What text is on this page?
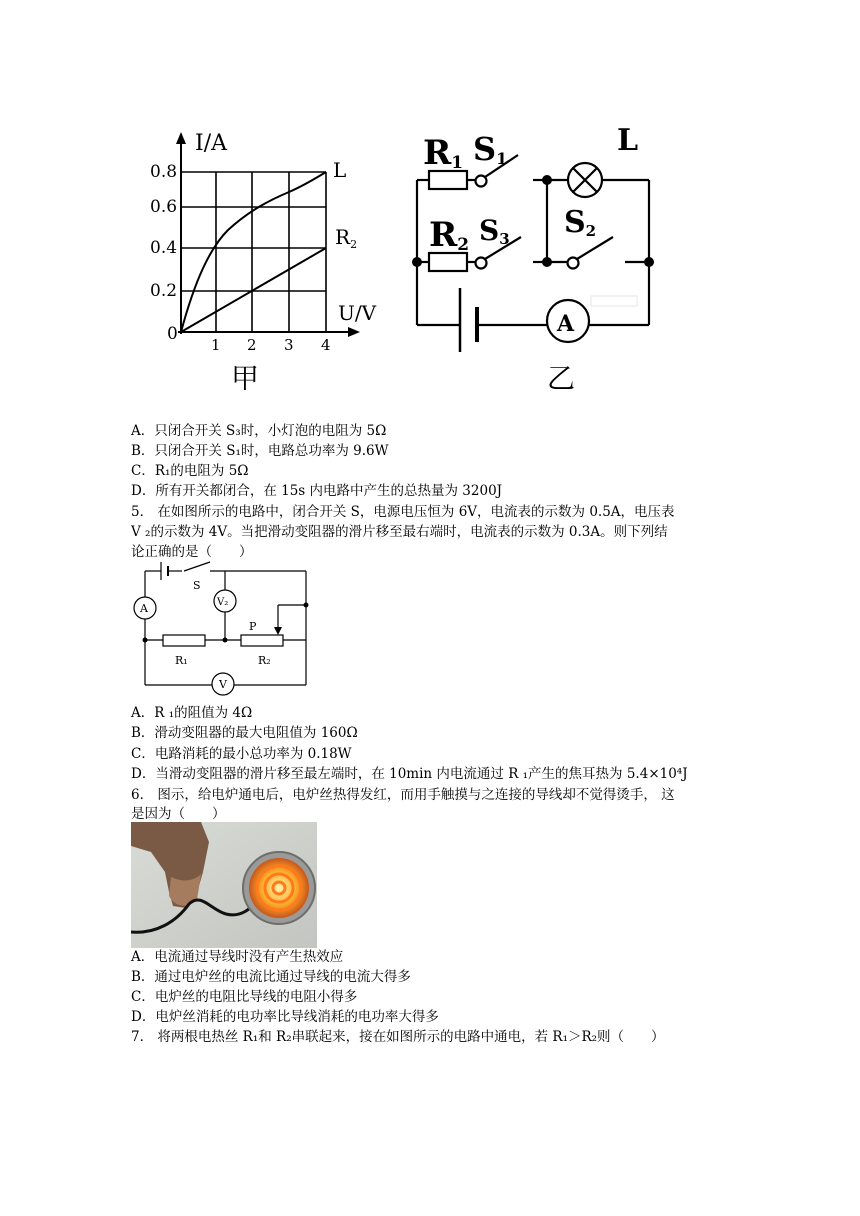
I/A
0.8
0.6
0.4
0.2
0
1 2 3 4
U/V
L
$R_2$
甲
R1 S1
L
R2 S3 S2
A
乙
A．只闭合开关 S₃时，小灯泡的电阻为 5Ω
B．只闭合开关 S₁时，电路总功率为 9.6W
C．R₁的电阻为 5Ω
D．所有开关都闭合，在 15s 内电路中产生的总热量为 3200J
5． 在如图所示的电路中，闭合开关 S，电源电压恒为 6V，电流表的示数为 0.5A，电压表
V ₂的示数为 4V。当把滑动变阻器的滑片移至最右端时，电流表的示数为 0.3A。则下列结
论正确的是（　　）
S
A	V₂
P
R₁	R₂
V
A．R ₁的阻值为 4Ω
B．滑动变阻器的最大电阻值为 160Ω
C．电路消耗的最小总功率为 0.18W
D．当滑动变阻器的滑片移至最左端时，在 10min 内电流通过 R ₁产生的焦耳热为 5.4×10⁴J
6． 图示，给电炉通电后，电炉丝热得发红，而用手触摸与之连接的导线却不觉得烫手， 这
是因为（　　）
A．电流通过导线时没有产生热效应
B．通过电炉丝的电流比通过导线的电流大得多
C．电炉丝的电阻比导线的电阻小得多
D．电炉丝消耗的电功率比导线消耗的电功率大得多
7． 将两根电热丝 R₁和 R₂串联起来，接在如图所示的电路中通电，若 R₁＞R₂则（　　）
